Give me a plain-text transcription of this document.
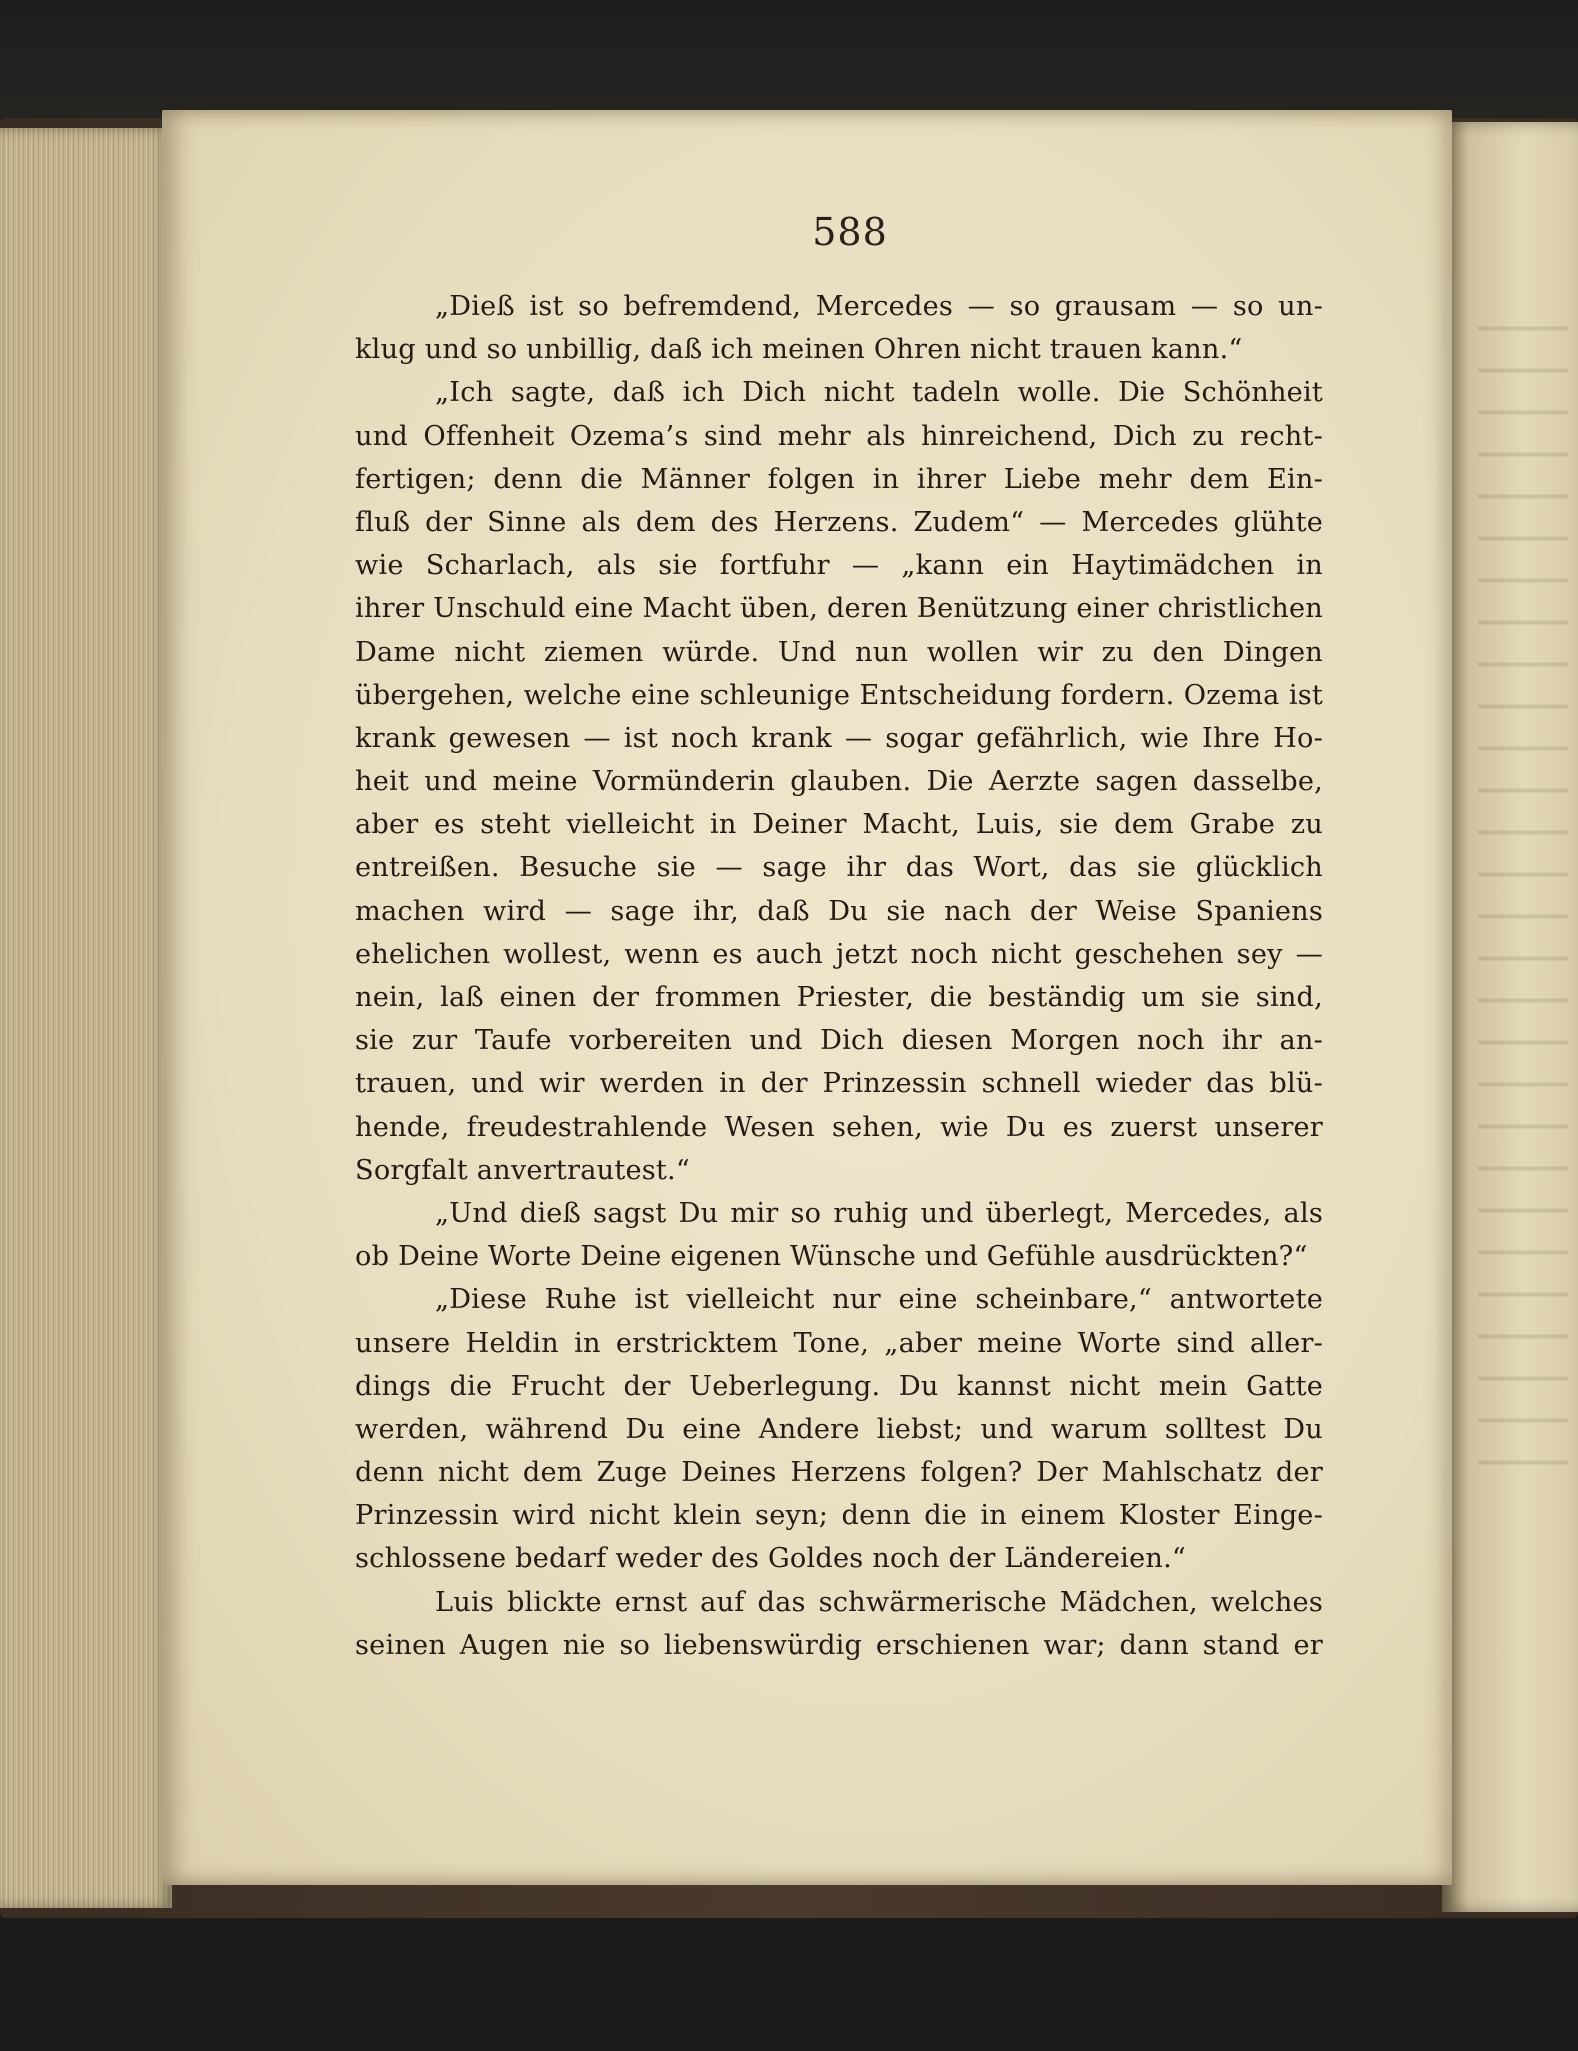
588
„Dieß ist so befremdend, Mercedes — so grausam — so un-
klug und so unbillig, daß ich meinen Ohren nicht trauen kann.“
„Ich sagte, daß ich Dich nicht tadeln wolle. Die Schönheit
und Offenheit Ozema’s sind mehr als hinreichend, Dich zu recht-
fertigen; denn die Männer folgen in ihrer Liebe mehr dem Ein-
fluß der Sinne als dem des Herzens. Zudem“ — Mercedes glühte
wie Scharlach, als sie fortfuhr — „kann ein Haytimädchen in
ihrer Unschuld eine Macht üben, deren Benützung einer christlichen
Dame nicht ziemen würde. Und nun wollen wir zu den Dingen
übergehen, welche eine schleunige Entscheidung fordern. Ozema ist
krank gewesen — ist noch krank — sogar gefährlich, wie Ihre Ho-
heit und meine Vormünderin glauben. Die Aerzte sagen dasselbe,
aber es steht vielleicht in Deiner Macht, Luis, sie dem Grabe zu
entreißen. Besuche sie — sage ihr das Wort, das sie glücklich
machen wird — sage ihr, daß Du sie nach der Weise Spaniens
ehelichen wollest, wenn es auch jetzt noch nicht geschehen sey —
nein, laß einen der frommen Priester, die beständig um sie sind,
sie zur Taufe vorbereiten und Dich diesen Morgen noch ihr an-
trauen, und wir werden in der Prinzessin schnell wieder das blü-
hende, freudestrahlende Wesen sehen, wie Du es zuerst unserer
Sorgfalt anvertrautest.“
„Und dieß sagst Du mir so ruhig und überlegt, Mercedes, als
ob Deine Worte Deine eigenen Wünsche und Gefühle ausdrückten?“
„Diese Ruhe ist vielleicht nur eine scheinbare,“ antwortete
unsere Heldin in erstricktem Tone, „aber meine Worte sind aller-
dings die Frucht der Ueberlegung. Du kannst nicht mein Gatte
werden, während Du eine Andere liebst; und warum solltest Du
denn nicht dem Zuge Deines Herzens folgen? Der Mahlschatz der
Prinzessin wird nicht klein seyn; denn die in einem Kloster Einge-
schlossene bedarf weder des Goldes noch der Ländereien.“
Luis blickte ernst auf das schwärmerische Mädchen, welches
seinen Augen nie so liebenswürdig erschienen war; dann stand er
